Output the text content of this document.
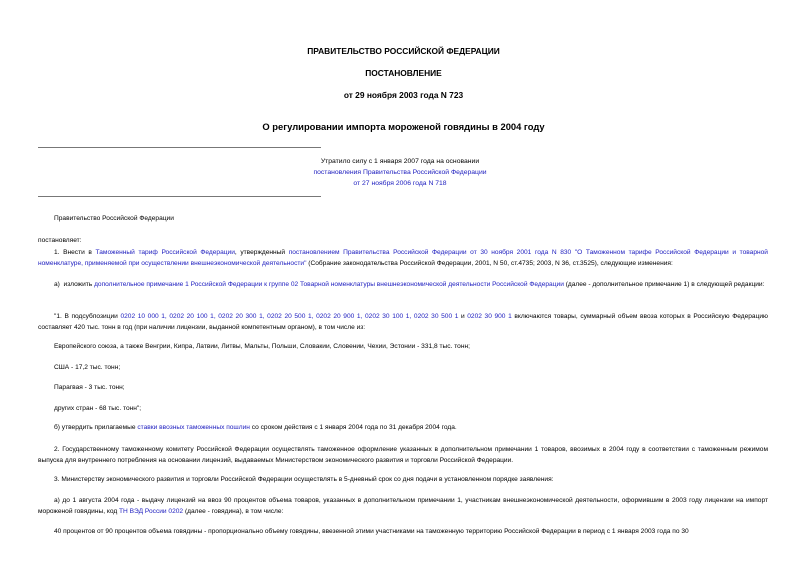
ПРАВИТЕЛЬСТВО РОССИЙСКОЙ ФЕДЕРАЦИИ
ПОСТАНОВЛЕНИЕ
от 29 ноября 2003 года N 723
О регулировании импорта мороженой говядины в 2004 году
Утратило силу с 1 января 2007 года на основании
постановления Правительства Российской Федерации
от 27 ноября 2006 года N 718
Правительство Российской Федерации
постановляет:
1. Внести в Таможенный тариф Российской Федерации, утвержденный постановлением Правительства Российской Федерации от 30 ноября 2001 года N 830 "О Таможенном тарифе Российской Федерации и товарной номенклатуре, применяемой при осуществлении внешнеэкономической деятельности" (Собрание законодательства Российской Федерации, 2001, N 50, ст.4735; 2003, N 36, ст.3525), следующие изменения:
а)  изложить дополнительное примечание 1 Российской Федерации к группе 02 Товарной номенклатуры внешнеэкономической деятельности Российской Федерации (далее - дополнительное примечание 1) в следующей редакции:
"1. В подсубпозиции 0202 10 000 1, 0202 20 100 1, 0202 20 300 1, 0202 20 500 1, 0202 20 900 1, 0202 30 100 1, 0202 30 500 1 и 0202 30 900 1 включаются товары, суммарный объем ввоза которых в Российскую Федерацию составляет 420 тыс. тонн в год (при наличии лицензии, выданной компетентным органом), в том числе из:
Европейского союза, а также Венгрии, Кипра, Латвии, Литвы, Мальты, Польши, Словакии, Словении, Чехии, Эстонии - 331,8 тыс. тонн;
США - 17,2 тыс. тонн;
Парагвая - 3 тыс. тонн;
других стран - 68 тыс. тонн";
б) утвердить прилагаемые ставки ввозных таможенных пошлин со сроком действия с 1 января 2004 года по 31 декабря 2004 года.
2. Государственному таможенному комитету Российской Федерации осуществлять таможенное оформление указанных в дополнительном примечании 1 товаров, ввозимых в 2004 году в соответствии с таможенным режимом выпуска для внутреннего потребления на основании лицензий, выдаваемых Министерством экономического развития и торговли Российской Федерации.
3. Министерству экономического развития и торговли Российской Федерации осуществлять в 5-дневный срок со дня подачи в установленном порядке заявления:
а) до 1 августа 2004 года - выдачу лицензий на ввоз 90 процентов объема товаров, указанных в дополнительном примечании 1, участникам внешнеэкономической деятельности, оформившим в 2003 году лицензии на импорт мороженой говядины, код ТН ВЭД России 0202 (далее - говядина), в том числе:
40 процентов от 90 процентов объема говядины - пропорционально объему говядины, ввезенной этими участниками на таможенную территорию Российской Федерации в период с 1 января 2003 года по 30
